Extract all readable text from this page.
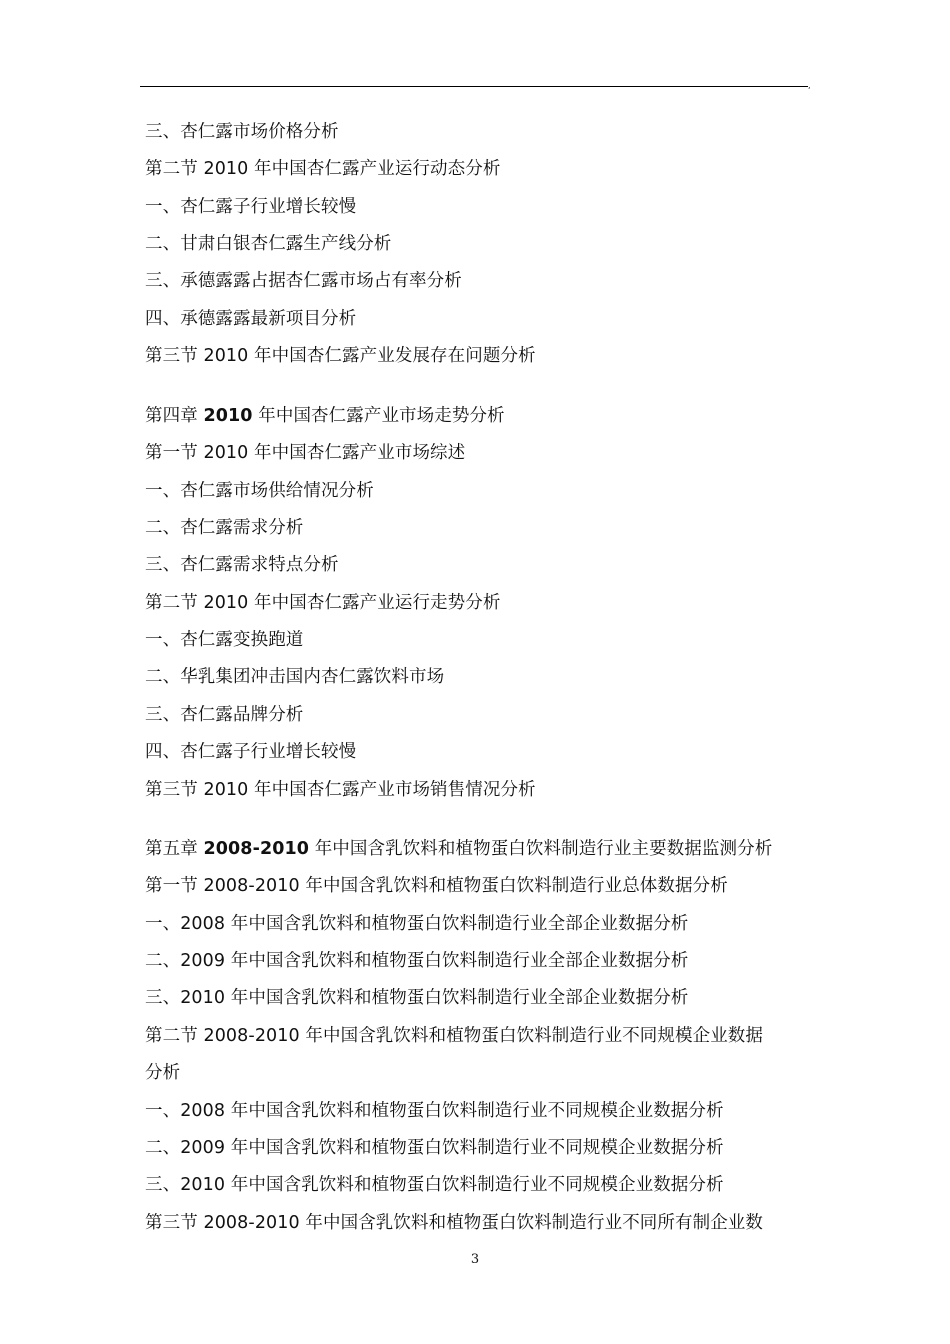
,
三、杏仁露市场价格分析
第二节 2010 年中国杏仁露产业运行动态分析
一、杏仁露子行业增长较慢
二、甘肃白银杏仁露生产线分析
三、承德露露占据杏仁露市场占有率分析
四、承德露露最新项目分析
第三节 2010 年中国杏仁露产业发展存在问题分析
第四章 2010 年中国杏仁露产业市场走势分析
第一节 2010 年中国杏仁露产业市场综述
一、杏仁露市场供给情况分析
二、杏仁露需求分析
三、杏仁露需求特点分析
第二节 2010 年中国杏仁露产业运行走势分析
一、杏仁露变换跑道
二、华乳集团冲击国内杏仁露饮料市场
三、杏仁露品牌分析
四、杏仁露子行业增长较慢
第三节 2010 年中国杏仁露产业市场销售情况分析
第五章 2008-2010 年中国含乳饮料和植物蛋白饮料制造行业主要数据监测分析
第一节 2008-2010 年中国含乳饮料和植物蛋白饮料制造行业总体数据分析
一、2008 年中国含乳饮料和植物蛋白饮料制造行业全部企业数据分析
二、2009 年中国含乳饮料和植物蛋白饮料制造行业全部企业数据分析
三、2010 年中国含乳饮料和植物蛋白饮料制造行业全部企业数据分析
第二节 2008-2010 年中国含乳饮料和植物蛋白饮料制造行业不同规模企业数据
分析
一、2008 年中国含乳饮料和植物蛋白饮料制造行业不同规模企业数据分析
二、2009 年中国含乳饮料和植物蛋白饮料制造行业不同规模企业数据分析
三、2010 年中国含乳饮料和植物蛋白饮料制造行业不同规模企业数据分析
第三节 2008-2010 年中国含乳饮料和植物蛋白饮料制造行业不同所有制企业数
3
